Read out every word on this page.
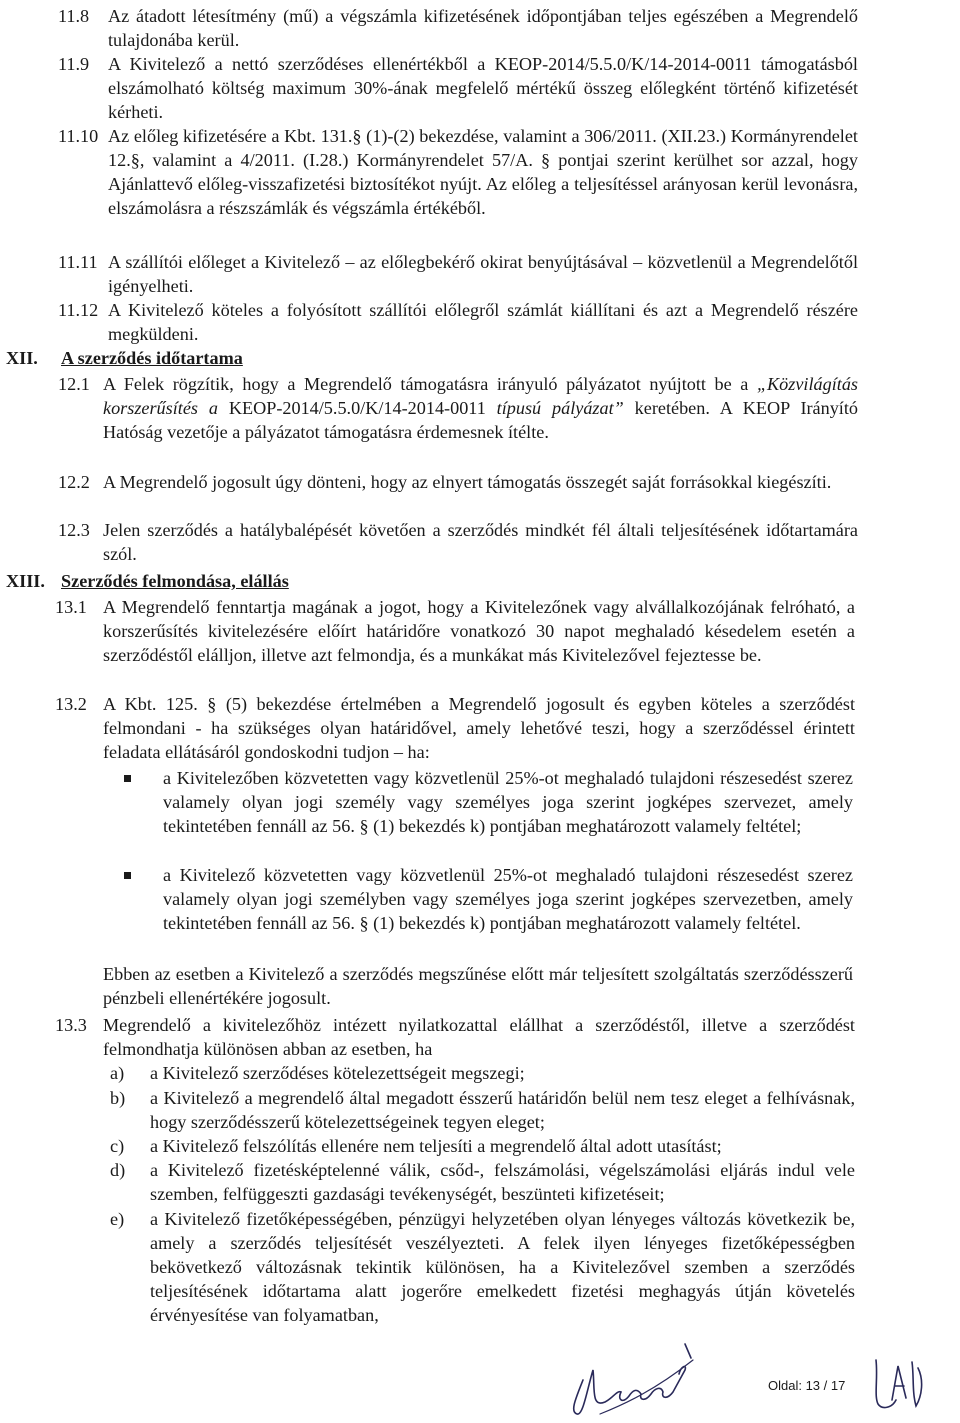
11.8	Az átadott létesítmény (mű) a végszámla kifizetésének időpontjában teljes egészében a Megrendelő tulajdonába kerül.
11.9	A Kivitelező a nettó szerződéses ellenértékből a KEOP-2014/5.5.0/K/14-2014-0011 támogatásból elszámolható költség maximum 30%-ának megfelelő mértékű összeg előlegként történő kifizetését kérheti.
11.10 Az előleg kifizetésére a Kbt. 131.§ (1)-(2) bekezdése, valamint a 306/2011. (XII.23.) Kormányrendelet 12.§, valamint a 4/2011. (I.28.) Kormányrendelet 57/A. § pontjai szerint kerülhet sor azzal, hogy Ajánlattevő előleg-visszafizetési biztosítékot nyújt. Az előleg a teljesítéssel arányosan kerül levonásra, elszámolásra a részszámlák és végszámla értékéből.
11.11 A szállítói előleget a Kivitelező – az előlegbekérő okirat benyújtásával – közvetlenül a Megrendelőtől igényelheti.
11.12 A Kivitelező köteles a folyósított szállítói előlegről számlát kiállítani és azt a Megrendelő részére megküldeni.
XII.	A szerződés időtartama
12.1 A Felek rögzítik, hogy a Megrendelő támogatásra irányuló pályázatot nyújtott be a „Közvilágítás korszerűsítés a KEOP-2014/5.5.0/K/14-2014-0011 típusú pályázat” keretében. A KEOP Irányító Hatóság vezetője a pályázatot támogatásra érdemesnek ítélte.
12.2 A Megrendelő jogosult úgy dönteni, hogy az elnyert támogatás összegét saját forrásokkal kiegészíti.
12.3 Jelen szerződés a hatálybalépését követően a szerződés mindkét fél általi teljesítésének időtartamára szól.
XIII. Szerződés felmondása, elállás
13.1 A Megrendelő fenntartja magának a jogot, hogy a Kivitelezőnek vagy alvállalkozójának felróható, a korszerűsítés kivitelezésére előírt határidőre vonatkozó 30 napot meghaladó késedelem esetén a szerződéstől elálljon, illetve azt felmondja, és a munkákat más Kivitelezővel fejeztesse be.
13.2 A Kbt. 125. § (5) bekezdése értelmében a Megrendelő jogosult és egyben köteles a szerződést felmondani - ha szükséges olyan határidővel, amely lehetővé teszi, hogy a szerződéssel érintett feladata ellátásáról gondoskodni tudjon – ha:
a Kivitelezőben közvetetten vagy közvetlenül 25%-ot meghaladó tulajdoni részesedést szerez valamely olyan jogi személy vagy személyes joga szerint jogképes szervezet, amely tekintetében fennáll az 56. § (1) bekezdés k) pontjában meghatározott valamely feltétel;
a Kivitelező közvetetten vagy közvetlenül 25%-ot meghaladó tulajdoni részesedést szerez valamely olyan jogi személyben vagy személyes joga szerint jogképes szervezetben, amely tekintetében fennáll az 56. § (1) bekezdés k) pontjában meghatározott valamely feltétel.
Ebben az esetben a Kivitelező a szerződés megszűnése előtt már teljesített szolgáltatás szerződésszerű pénzbeli ellenértékére jogosult.
13.3 Megrendelő a kivitelezőhöz intézett nyilatkozattal elállhat a szerződéstől, illetve a szerződést felmondhatja különösen abban az esetben, ha
a)	a Kivitelező szerződéses kötelezettségeit megszegi;
b)	a Kivitelező a megrendelő által megadott ésszerű határidőn belül nem tesz eleget a felhívásnak, hogy szerződésszerű kötelezettségeinek tegyen eleget;
c)	a Kivitelező felszólítás ellenére nem teljesíti a megrendelő által adott utasítást;
d)	a Kivitelező fizetésképtelenné válik, csőd-, felszámolási, végelszámolási eljárás indul vele szemben, felfüggeszti gazdasági tevékenységét, beszünteti kifizetéseit;
e)	a Kivitelező fizetőképességében, pénzügyi helyzetében olyan lényeges változás következik be, amely a szerződés teljesítését veszélyezteti. A felek ilyen lényeges fizetőképességben bekövetkező változásnak tekintik különösen, ha a Kivitelezővel szemben a szerződés teljesítésének időtartama alatt jogerőre emelkedett fizetési meghagyás útján követelés érvényesítése van folyamatban,
Oldal: 13 / 17
